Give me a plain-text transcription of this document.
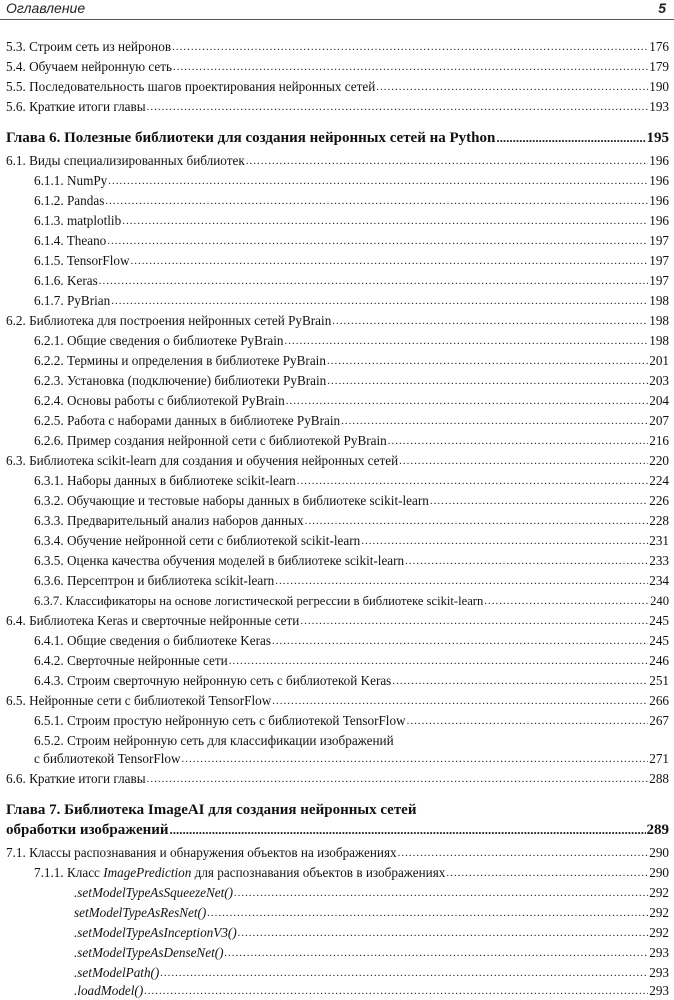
Оглавление	5
5.3. Строим сеть из нейронов .....	176
5.4. Обучаем нейронную сеть .....	179
5.5. Последовательность шагов проектирования нейронных сетей .....	190
5.6. Краткие итоги главы .....	193
Глава 6. Полезные библиотеки для создания нейронных сетей на Python .....	195
6.1. Виды специализированных библиотек .....	196
6.1.1. NumPy .....	196
6.1.2. Pandas .....	196
6.1.3. matplotlib .....	196
6.1.4. Theano .....	197
6.1.5. TensorFlow .....	197
6.1.6. Keras .....	197
6.1.7. PyBrian .....	198
6.2. Библиотека для построения нейронных сетей PyBrain .....	198
6.2.1. Общие сведения о библиотеке PyBrain .....	198
6.2.2. Термины и определения в библиотеке PyBrain .....	201
6.2.3. Установка (подключение) библиотеки PyBrain .....	203
6.2.4. Основы работы с библиотекой PyBrain .....	204
6.2.5. Работа с наборами данных в библиотеке PyBrain .....	207
6.2.6. Пример создания нейронной сети с библиотекой PyBrain .....	216
6.3. Библиотека scikit-learn для создания и обучения нейронных сетей .....	220
6.3.1. Наборы данных в библиотеке scikit-learn .....	224
6.3.2. Обучающие и тестовые наборы данных в библиотеке scikit-learn .....	226
6.3.3. Предварительный анализ наборов данных .....	228
6.3.4. Обучение нейронной сети с библиотекой scikit-learn .....	231
6.3.5. Оценка качества обучения моделей в библиотеке scikit-learn .....	233
6.3.6. Персептрон и библиотека scikit-learn .....	234
6.3.7. Классификаторы на основе логистической регрессии в библиотеке scikit-learn .....	240
6.4. Библиотека Keras и сверточные нейронные сети .....	245
6.4.1. Общие сведения о библиотеке Keras .....	245
6.4.2. Сверточные нейронные сети .....	246
6.4.3. Строим сверточную нейронную сеть с библиотекой Keras .....	251
6.5. Нейронные сети с библиотекой TensorFlow .....	266
6.5.1. Строим простую нейронную сеть с библиотекой TensorFlow .....	267
6.5.2. Строим нейронную сеть для классификации изображений
с библиотекой TensorFlow .....	271
6.6. Краткие итоги главы .....	288
Глава 7. Библиотека ImageAI для создания нейронных сетей
обработки изображений .....	289
7.1. Классы распознавания и обнаружения объектов на изображениях .....	290
7.1.1. Класс ImagePrediction для распознавания объектов в изображениях .....	290
.setModelTypeAsSqueezeNet() .....	292
setModelTypeAsResNet() .....	292
.setModelTypeAsInceptionV3() .....	292
.setModelTypeAsDenseNet() .....	293
.setModelPath() .....	293
.loadModel() .....	293
